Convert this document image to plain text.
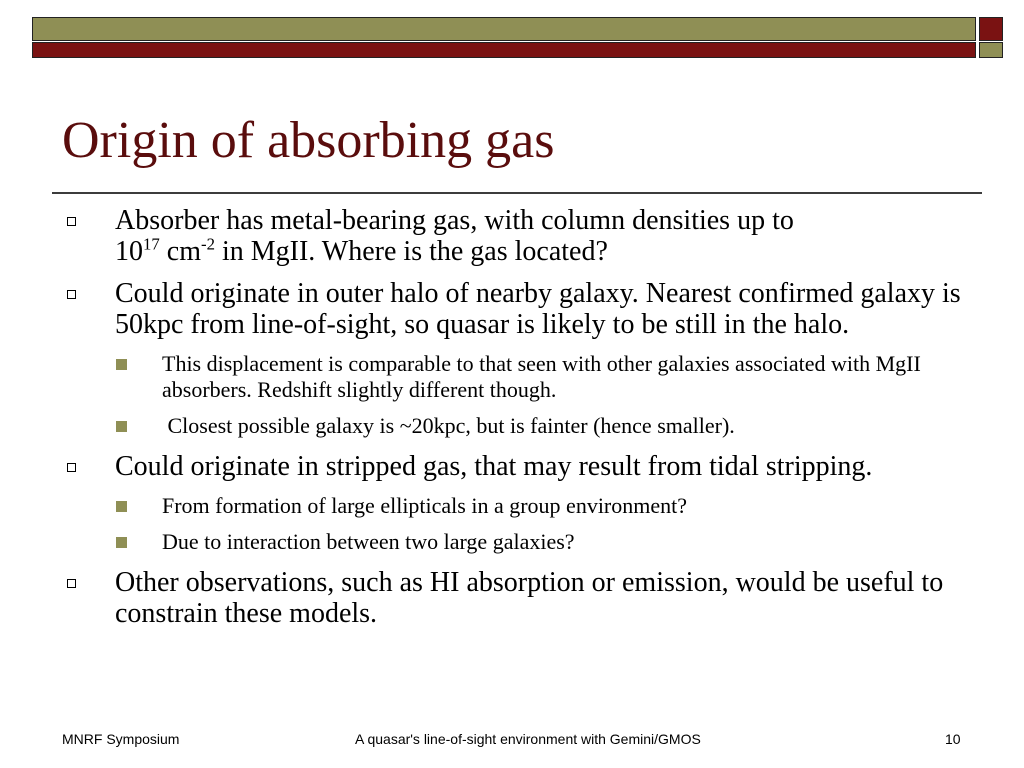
Origin of absorbing gas
Absorber has metal-bearing gas, with column densities up to
$10^{17}$ $cm^{-2}$ in MgII. Where is the gas located?
Could originate in outer halo of nearby galaxy. Nearest confirmed galaxy is 50kpc from line-of-sight, so quasar is likely to be still in the halo.
This displacement is comparable to that seen with other galaxies associated with MgII absorbers. Redshift slightly different though.
Closest possible galaxy is ~20kpc, but is fainter (hence smaller).
Could originate in stripped gas, that may result from tidal stripping.
From formation of large ellipticals in a group environment?
Due to interaction between two large galaxies?
Other observations, such as HI absorption or emission, would be useful to constrain these models.
MNRF Symposium	A quasar's line-of-sight environment with Gemini/GMOS	10
